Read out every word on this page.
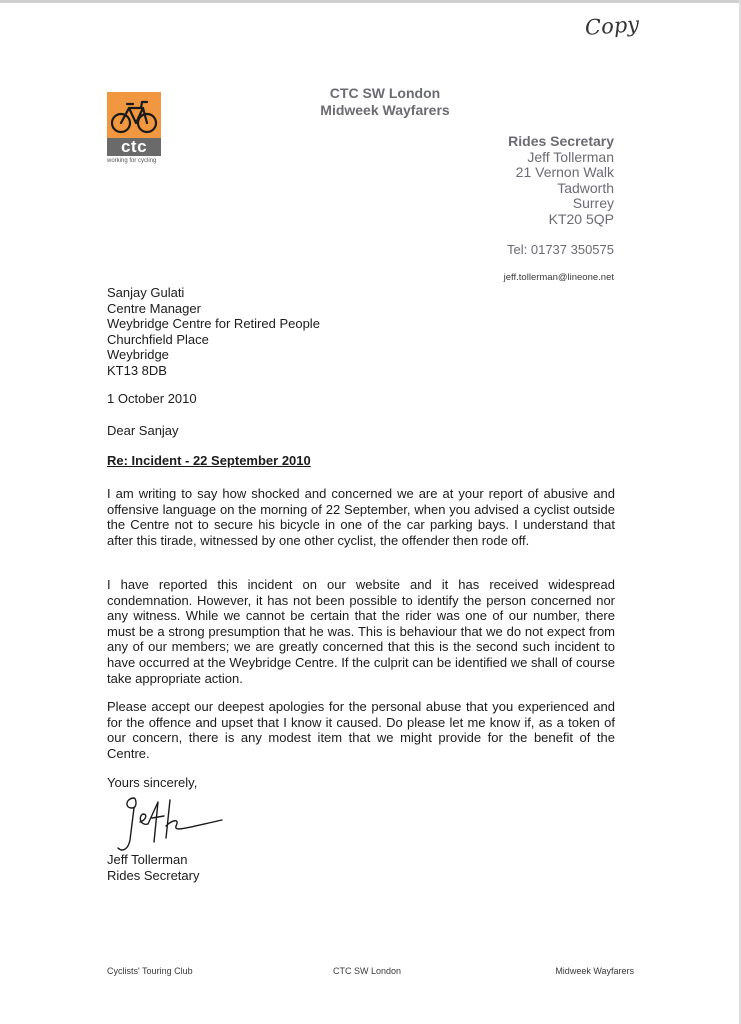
Copy
ctc
working for cycling
CTC SW London
Midweek Wayfarers
Rides Secretary
Jeff Tollerman
21 Vernon Walk
Tadworth
Surrey
KT20 5QP
Tel: 01737 350575
jeff.tollerman@lineone.net
Sanjay Gulati
Centre Manager
Weybridge Centre for Retired People
Churchfield Place
Weybridge
KT13 8DB
1 October 2010
Dear Sanjay
Re: Incident - 22 September 2010

I am writing to say how shocked and concerned we are at your report of abusive and offensive language on the morning of 22 September, when you advised a cyclist outside the Centre not to secure his bicycle in one of the car parking bays. I understand that after this tirade, witnessed by one other cyclist, the offender then rode off.

I have reported this incident on our website and it has received widespread condemnation. However, it has not been possible to identify the person concerned nor any witness. While we cannot be certain that the rider was one of our number, there must be a strong presumption that he was. This is behaviour that we do not expect from any of our members; we are greatly concerned that this is the second such incident to have occurred at the Weybridge Centre. If the culprit can be identified we shall of course take appropriate action.

Please accept our deepest apologies for the personal abuse that you experienced and for the offence and upset that I know it caused. Do please let me know if, as a token of our concern, there is any modest item that we might provide for the benefit of the Centre.

Yours sincerely,
Jeff Tollerman
Rides Secretary
Cyclists' Touring Club	CTC SW London	Midweek Wayfarers
